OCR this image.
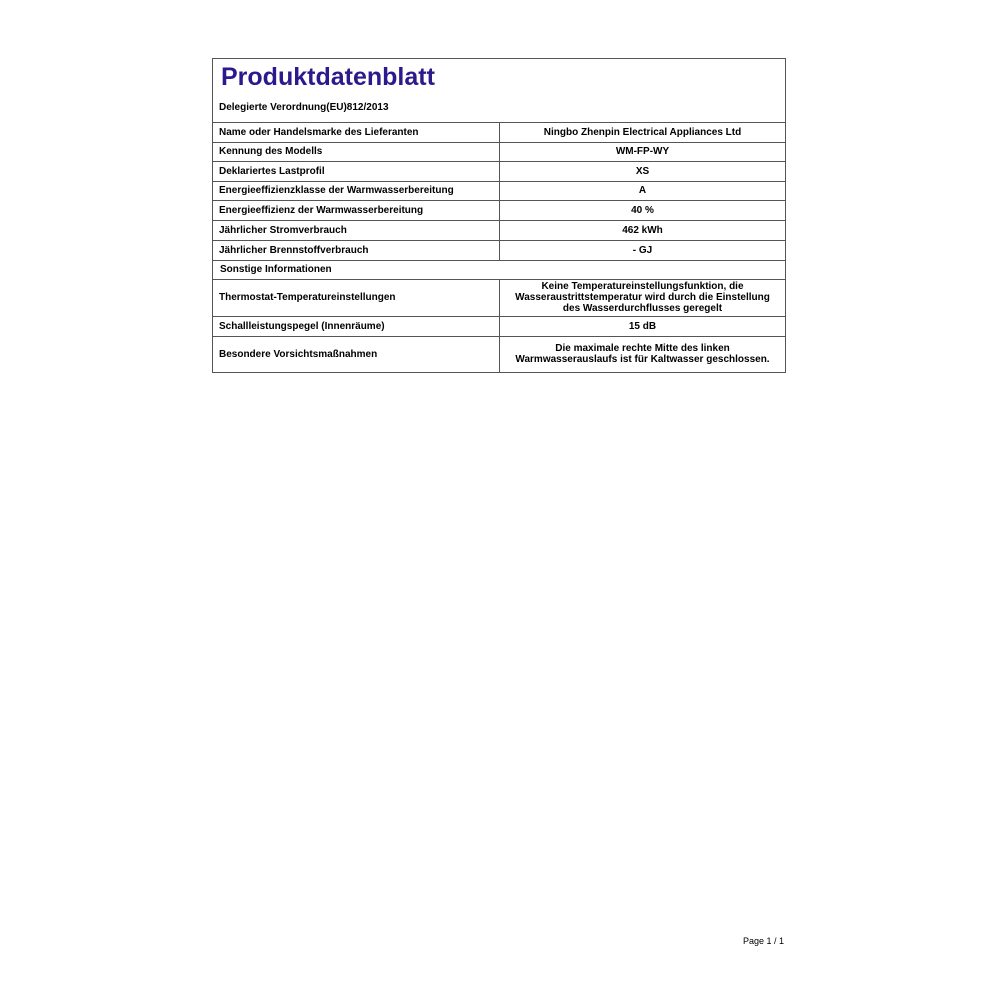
Produktdatenblatt
Delegierte Verordnung(EU)812/2013
Name oder Handelsmarke des Lieferanten	Ningbo Zhenpin Electrical Appliances Ltd
Kennung des Modells	WM-FP-WY
Deklariertes Lastprofil	XS
Energieeffizienzklasse der Warmwasserbereitung	A
Energieeffizienz der Warmwasserbereitung	40 %
Jährlicher Stromverbrauch	462 kWh
Jährlicher Brennstoffverbrauch	- GJ
Sonstige Informationen	
Thermostat-Temperatureinstellungen	Keine Temperatureinstellungsfunktion, die Wasseraustrittstemperatur wird durch die Einstellung des Wasserdurchflusses geregelt
Schallleistungspegel (Innenräume)	15 dB
Besondere Vorsichtsmaßnahmen	Die maximale rechte Mitte des linken Warmwasserauslaufs ist für Kaltwasser geschlossen.
Page 1 / 1
